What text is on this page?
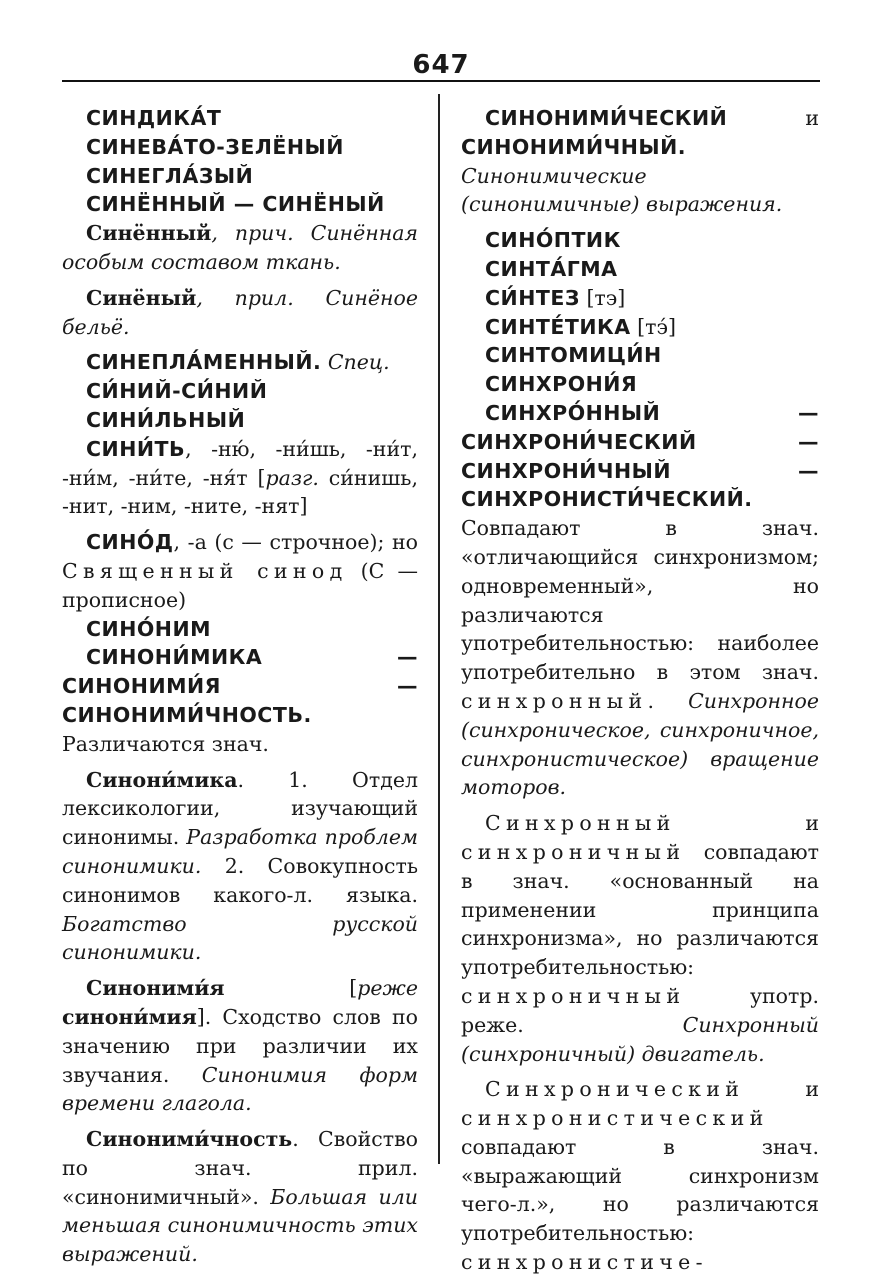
647
СИНДИКА́Т
СИНЕВА́ТО-ЗЕЛЁНЫЙ
СИНЕГЛА́ЗЫЙ
СИНЁННЫЙ — СИНЁНЫЙ
Синённый, прич. Синённая особым составом ткань.
Синёный, прил. Синёное бельё.
СИНЕПЛА́МЕННЫЙ. Спец.
СИ́НИЙ-СИ́НИЙ
СИНИ́ЛЬНЫЙ
СИНИ́ТЬ, -ню́, -ни́шь, -ни́т, -ни́м, -ни́те, -ня́т [разг. си́нишь, -нит, -ним, -ните, -нят]
СИНО́Д, -а (с — строчное); но Священный синод (С — прописное)
СИНО́НИМ
СИНОНИ́МИКА — СИНОНИМИ́Я — СИНОНИМИ́ЧНОСТЬ. Различаются знач.
Синони́мика. 1. Отдел лексикологии, изучающий синонимы. Разработка проблем синонимики. 2. Совокупность синонимов какого-л. языка. Богатство русской синонимики.
Синоними́я [реже синони́мия]. Сходство слов по значению при различии их звучания. Синонимия форм времени глагола.
Синоними́чность. Свойство по знач. прил. «синонимичный». Большая или меньшая синонимичность этих выражений.
СИНОНИМИ́ЧЕСКИЙ и СИНОНИМИ́ЧНЫЙ. Синонимические (синонимичные) выражения.
СИНО́ПТИК
СИНТА́ГМА
СИ́НТЕЗ [тэ]
СИНТЕ́ТИКА [тэ́]
СИНТОМИЦИ́Н
СИНХРОНИ́Я
СИНХРО́ННЫЙ — СИНХРОНИ́ЧЕСКИЙ — СИНХРОНИ́ЧНЫЙ — СИНХРОНИСТИ́ЧЕСКИЙ. Совпадают в знач. «отличающийся синхронизмом; одновременный», но различаются употребительностью: наиболее употребительно в этом знач. синхронный. Синхронное (синхроническое, синхроничное, синхронистическое) вращение моторов.
Синхронный и синхроничный совпадают в знач. «основанный на применении принципа синхронизма», но различаются употребительностью: синхроничный употр. реже. Синхронный (синхроничный) двигатель.
Синхронический и синхронистический совпадают в знач. «выражающий синхронизм чего-л.», но различаются употребительностью: синхронистиче-
